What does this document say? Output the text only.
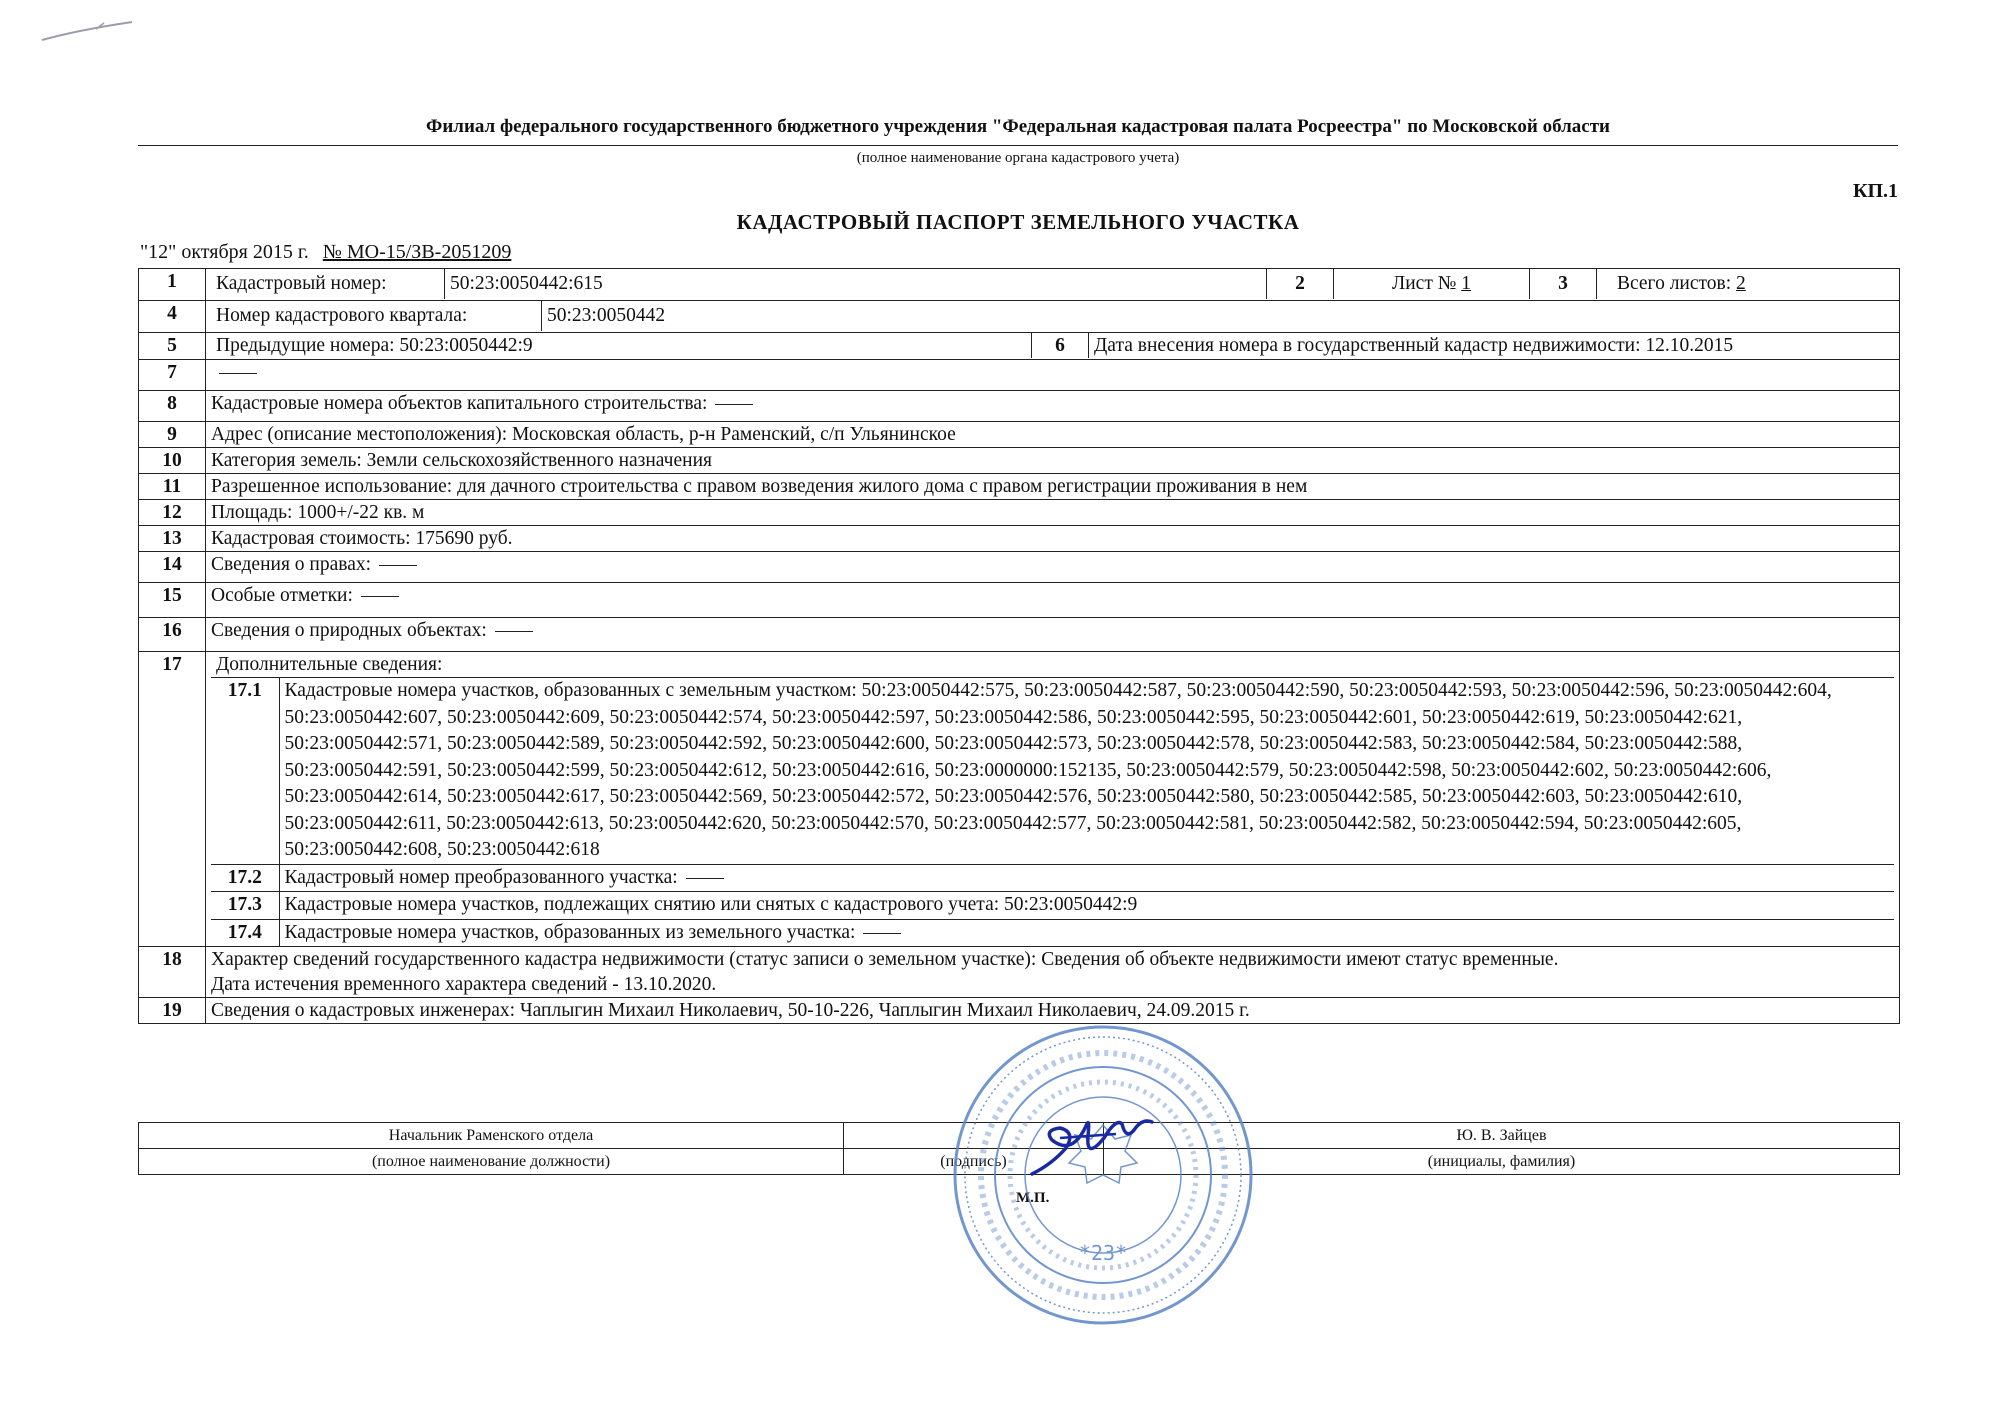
Филиал федерального государственного бюджетного учреждения "Федеральная кадастровая палата Росреестра" по Московской области
(полное наименование органа кадастрового учета)
КП.1
КАДАСТРОВЫЙ ПАСПОРТ ЗЕМЕЛЬНОГО УЧАСТКА
"12" октября 2015 г. № МО-15/ЗВ-2051209
1	Кадастровый номер:	50:23:0050442:615	2	Лист № 1	3	Всего листов: 2

4	Номер кадастрового квартала:	50:23:0050442

5	Предыдущие номера: 50:23:0050442:9	6	Дата внесения номера в государственный кадастр недвижимости: 12.10.2015

7	
8	Кадастровые номера объектов капитального строительства:
9	Адрес (описание местоположения): Московская область, р-н Раменский, с/п Ульянинское
10	Категория земель: Земли сельскохозяйственного назначения
11	Разрешенное использование: для дачного строительства с правом возведения жилого дома с правом регистрации проживания в нем
12	Площадь: 1000+/-22 кв. м
13	Кадастровая стоимость: 175690 руб.
14	Сведения о правах:
15	Особые отметки:
16	Сведения о природных объектах:
17	Дополнительные сведения:
17.1	Кадастровые номера участков, образованных с земельным участком: 50:23:0050442:575, 50:23:0050442:587, 50:23:0050442:590, 50:23:0050442:593, 50:23:0050442:596, 50:23:0050442:604, 50:23:0050442:607, 50:23:0050442:609, 50:23:0050442:574, 50:23:0050442:597, 50:23:0050442:586, 50:23:0050442:595, 50:23:0050442:601, 50:23:0050442:619, 50:23:0050442:621, 50:23:0050442:571, 50:23:0050442:589, 50:23:0050442:592, 50:23:0050442:600, 50:23:0050442:573, 50:23:0050442:578, 50:23:0050442:583, 50:23:0050442:584, 50:23:0050442:588, 50:23:0050442:591, 50:23:0050442:599, 50:23:0050442:612, 50:23:0050442:616, 50:23:0000000:152135, 50:23:0050442:579, 50:23:0050442:598, 50:23:0050442:602, 50:23:0050442:606, 50:23:0050442:614, 50:23:0050442:617, 50:23:0050442:569, 50:23:0050442:572, 50:23:0050442:576, 50:23:0050442:580, 50:23:0050442:585, 50:23:0050442:603, 50:23:0050442:610, 50:23:0050442:611, 50:23:0050442:613, 50:23:0050442:620, 50:23:0050442:570, 50:23:0050442:577, 50:23:0050442:581, 50:23:0050442:582, 50:23:0050442:594, 50:23:0050442:605, 50:23:0050442:608, 50:23:0050442:618
17.2	Кадастровый номер преобразованного участка:
17.3	Кадастровые номера участков, подлежащих снятию или снятых с кадастрового учета: 50:23:0050442:9
17.4	Кадастровые номера участков, образованных из земельного участка:

18	Характер сведений государственного кадастра недвижимости (статус записи о земельном участке): Сведения об объекте недвижимости имеют статус временные.
Дата истечения временного характера сведений - 13.10.2020.

19	Сведения о кадастровых инженерах: Чаплыгин Михаил Николаевич, 50-10-226, Чаплыгин Михаил Николаевич, 24.09.2015 г.
Начальник Раменского отдела		Ю. В. Зайцев
(полное наименование должности)	(подпись)	(инициалы, фамилия)
М.П.
*23*
